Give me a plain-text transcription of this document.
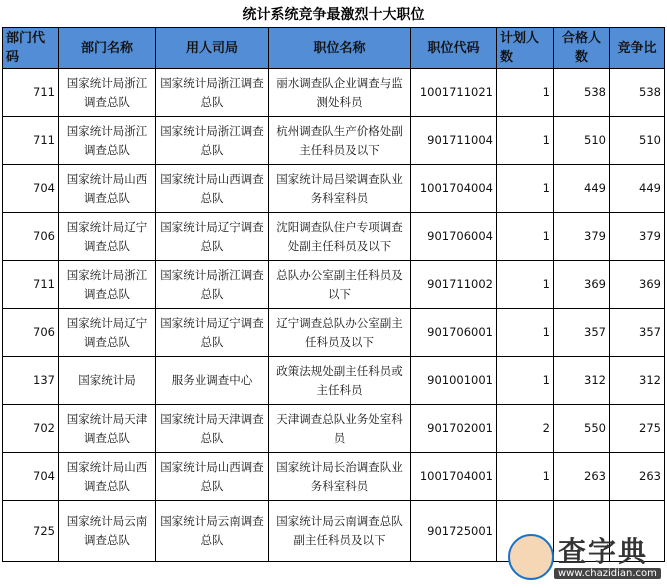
统计系统竞争最激烈十大职位
部门代码	部门名称	用人司局	职位名称	职位代码	计划人数	合格人数	竞争比
711	国家统计局浙江调查总队	国家统计局浙江调查总队	丽水调查队企业调查与监测处科员	1001711021	1	538	538
711	国家统计局浙江调查总队	国家统计局浙江调查总队	杭州调查队生产价格处副主任科员及以下	901711004	1	510	510
704	国家统计局山西调查总队	国家统计局山西调查总队	国家统计局吕梁调查队业务科室科员	1001704004	1	449	449
706	国家统计局辽宁调查总队	国家统计局辽宁调查总队	沈阳调查队住户专项调查处副主任科员及以下	901706004	1	379	379
711	国家统计局浙江调查总队	国家统计局浙江调查总队	总队办公室副主任科员及以下	901711002	1	369	369
706	国家统计局辽宁调查总队	国家统计局辽宁调查总队	辽宁调查总队办公室副主任科员及以下	901706001	1	357	357
137	国家统计局	服务业调查中心	政策法规处副主任科员或主任科员	901001001	1	312	312
702	国家统计局天津调查总队	国家统计局天津调查总队	天津调查总队业务处室科员	901702001	2	550	275
704	国家统计局山西调查总队	国家统计局山西调查总队	国家统计局长治调查队业务科室科员	1001704001	1	263	263
725	国家统计局云南调查总队	国家统计局云南调查总队	国家统计局云南调查总队副主任科员及以下	901725001			
查字典
www.chazidian.com
